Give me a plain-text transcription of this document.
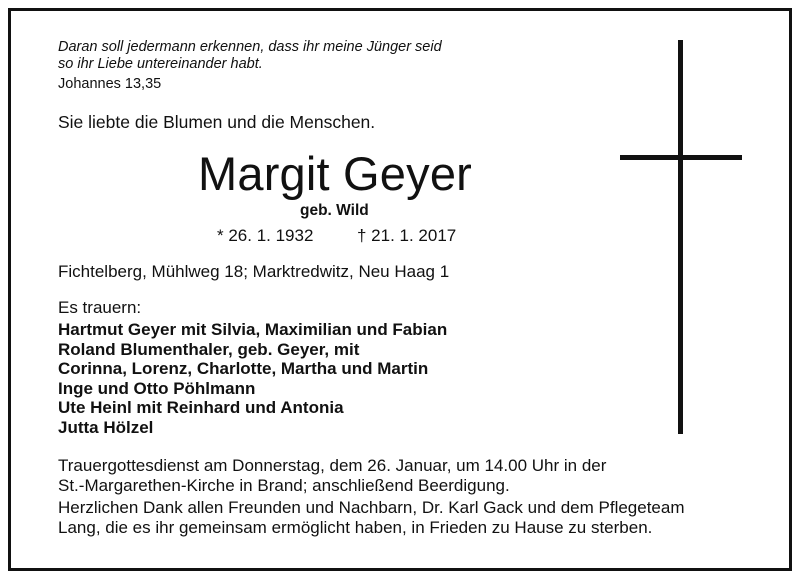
Daran soll jedermann erkennen, dass ihr meine Jünger seid
so ihr Liebe untereinander habt.
Johannes 13,35
Sie liebte die Blumen und die Menschen.
Margit Geyer
geb. Wild
* 26. 1. 1932	† 21. 1. 2017
Fichtelberg, Mühlweg 18; Marktredwitz, Neu Haag 1
Es trauern:
Hartmut Geyer mit Silvia, Maximilian und Fabian
Roland Blumenthaler, geb. Geyer, mit
Corinna, Lorenz, Charlotte, Martha und Martin
Inge und Otto Pöhlmann
Ute Heinl mit Reinhard und Antonia
Jutta Hölzel
Trauergottesdienst am Donnerstag, dem 26. Januar, um 14.00 Uhr in der
St.-Margarethen-Kirche in Brand; anschließend Beerdigung.
Herzlichen Dank allen Freunden und Nachbarn, Dr. Karl Gack und dem Pflegeteam
Lang, die es ihr gemeinsam ermöglicht haben, in Frieden zu Hause zu sterben.
